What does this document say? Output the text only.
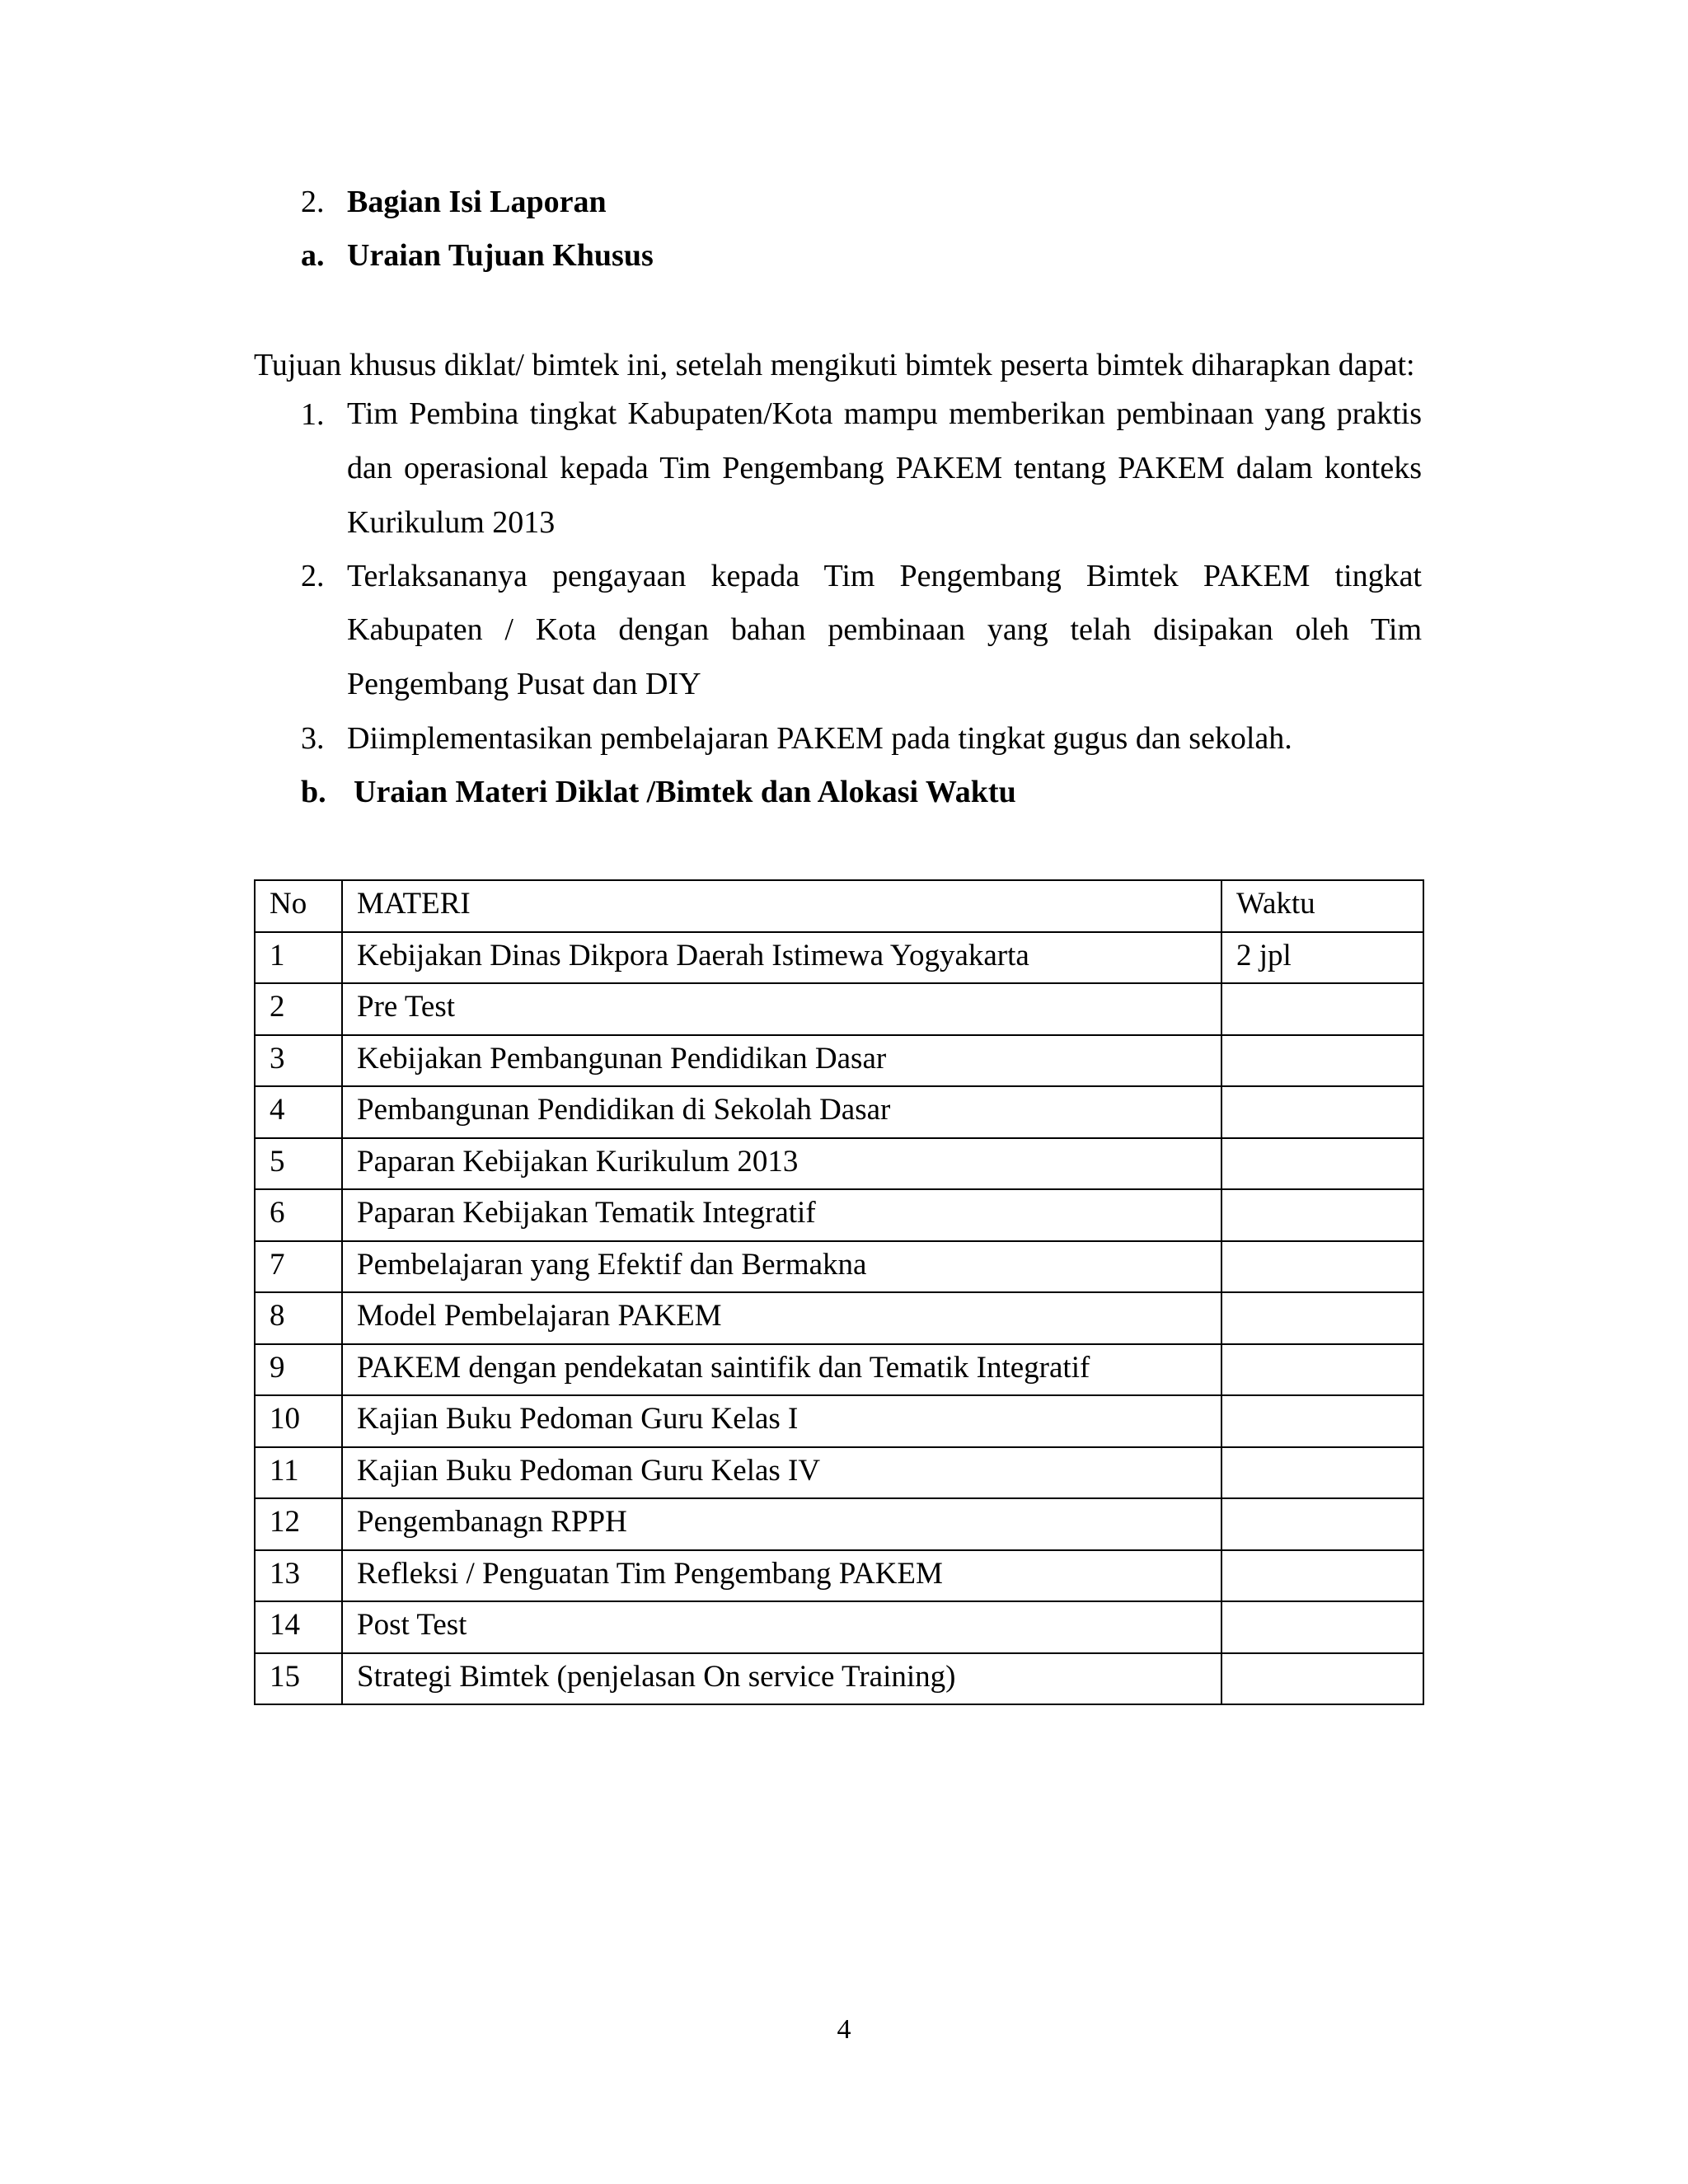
2. Bagian Isi Laporan
a. Uraian Tujuan Khusus
Tujuan khusus diklat/ bimtek ini, setelah mengikuti bimtek peserta bimtek diharapkan dapat:
1. Tim Pembina tingkat Kabupaten/Kota mampu memberikan pembinaan yang praktis
dan operasional kepada Tim Pengembang PAKEM tentang PAKEM dalam konteks
Kurikulum 2013
2. Terlaksananya pengayaan kepada Tim Pengembang Bimtek PAKEM tingkat
Kabupaten / Kota dengan bahan pembinaan yang telah disipakan oleh Tim
Pengembang Pusat dan DIY
3. Diimplementasikan pembelajaran PAKEM pada tingkat gugus dan sekolah.
b. Uraian Materi Diklat /Bimtek dan Alokasi Waktu
No	MATERI	Waktu

1	Kebijakan Dinas Dikpora Daerah Istimewa Yogyakarta	2 jpl

2	Pre Test	

3	Kebijakan Pembangunan Pendidikan Dasar	

4	Pembangunan Pendidikan di Sekolah Dasar	

5	Paparan Kebijakan Kurikulum 2013	

6	Paparan Kebijakan Tematik Integratif	

7	Pembelajaran yang Efektif dan Bermakna	

8	Model Pembelajaran PAKEM	

9	PAKEM dengan pendekatan saintifik dan Tematik Integratif	

10	Kajian Buku Pedoman Guru Kelas I	

11	Kajian Buku Pedoman Guru Kelas IV	

12	Pengembanagn RPPH	

13	Refleksi / Penguatan Tim Pengembang PAKEM	

14	Post Test	

15	Strategi Bimtek (penjelasan On service Training)	

4
